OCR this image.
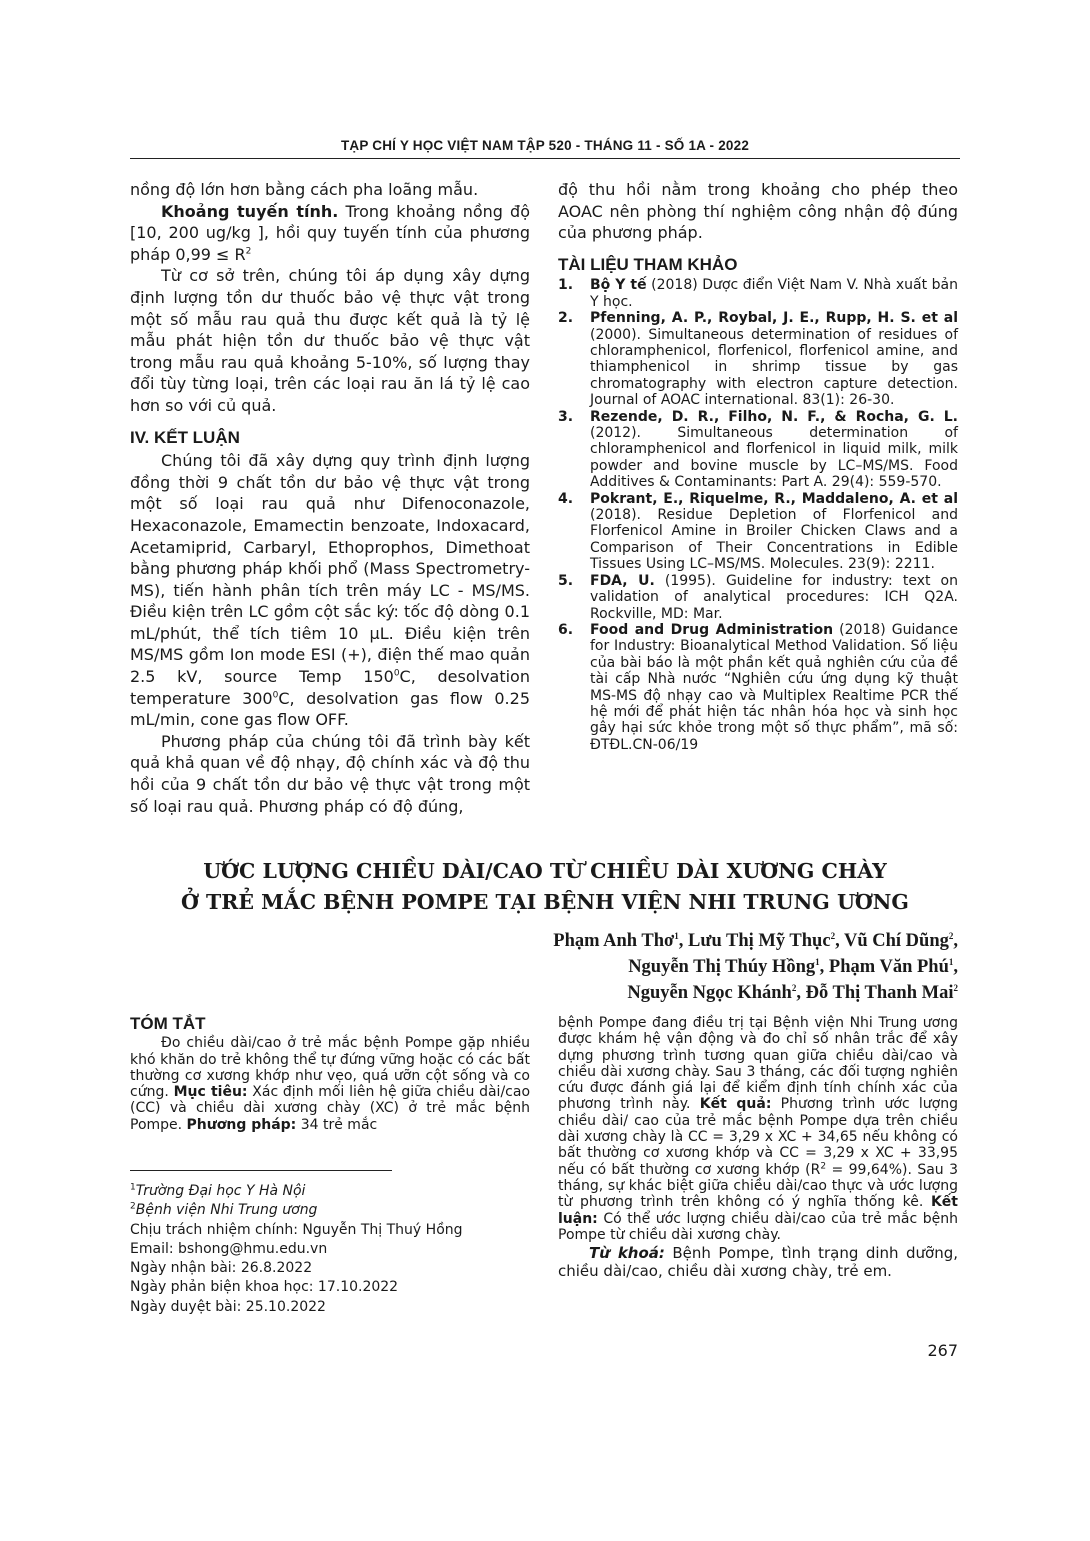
TẠP CHÍ Y HỌC VIỆT NAM TẬP 520 - THÁNG 11 - SỐ 1A - 2022

nồng độ lớn hơn bằng cách pha loãng mẫu.

Khoảng tuyến tính. Trong khoảng nồng độ [10, 200 ug/kg ], hồi quy tuyến tính của phương pháp $0,99 \le R^2$

Từ cơ sở trên, chúng tôi áp dụng xây dựng định lượng tồn dư thuốc bảo vệ thực vật trong một số mẫu rau quả thu được kết quả là tỷ lệ mẫu phát hiện tồn dư thuốc bảo vệ thực vật trong mẫu rau quả khoảng 5-10%, số lượng thay đổi tùy từng loại, trên các loại rau ăn lá tỷ lệ cao hơn so với củ quả.

IV. KẾT LUẬN

Chúng tôi đã xây dựng quy trình định lượng đồng thời 9 chất tồn dư bảo vệ thực vật trong một số loại rau quả như Difenoconazole, Hexaconazole, Emamectin benzoate, Indoxacard, Acetamiprid, Carbaryl, Ethoprophos, Dimethoat bằng phương pháp khối phổ (Mass Spectrometry-MS), tiến hành phân tích trên máy LC - MS/MS. Điều kiện trên LC gồm cột sắc ký: tốc độ dòng 0.1 mL/phút, thể tích tiêm 10 µL. Điều kiện trên MS/MS gồm Ion mode ESI (+), điện thế mao quản 2.5 kV, source Temp $150^0C$, desolvation temperature $300^0C$, desolvation gas flow 0.25 mL/min, cone gas flow OFF.

Phương pháp của chúng tôi đã trình bày kết quả khả quan về độ nhạy, độ chính xác và độ thu hồi của 9 chất tồn dư bảo vệ thực vật trong một số loại rau quả. Phương pháp có độ đúng,

độ thu hồi nằm trong khoảng cho phép theo AOAC nên phòng thí nghiệm công nhận độ đúng của phương pháp.

TÀI LIỆU THAM KHẢO
1. Bộ Y tế (2018) Dược điển Việt Nam V. Nhà xuất bản Y học.
2. Pfenning, A. P., Roybal, J. E., Rupp, H. S. et al (2000). Simultaneous determination of residues of chloramphenicol, florfenicol, florfenicol amine, and thiamphenicol in shrimp tissue by gas chromatography with electron capture detection. Journal of AOAC international. 83(1): 26-30.
3. Rezende, D. R., Filho, N. F., & Rocha, G. L. (2012). Simultaneous determination of chloramphenicol and florfenicol in liquid milk, milk powder and bovine muscle by LC–MS/MS. Food Additives & Contaminants: Part A. 29(4): 559-570.
4. Pokrant, E., Riquelme, R., Maddaleno, A. et al (2018). Residue Depletion of Florfenicol and Florfenicol Amine in Broiler Chicken Claws and a Comparison of Their Concentrations in Edible Tissues Using LC–MS/MS. Molecules. 23(9): 2211.
5. FDA, U. (1995). Guideline for industry: text on validation of analytical procedures: ICH Q2A. Rockville, MD: Mar.
6. Food and Drug Administration (2018) Guidance for Industry: Bioanalytical Method Validation. Số liệu của bài báo là một phần kết quả nghiên cứu của đề tài cấp Nhà nước “Nghiên cứu ứng dụng kỹ thuật MS-MS độ nhạy cao và Multiplex Realtime PCR thế hệ mới để phát hiện tác nhân hóa học và sinh học gây hại sức khỏe trong một số thực phẩm”, mã số: ĐTĐL.CN-06/19
ƯỚC LƯỢNG CHIỀU DÀI/CAO TỪ CHIỀU DÀI XƯƠNG CHÀY
Ở TRẺ MẮC BỆNH POMPE TẠI BỆNH VIỆN NHI TRUNG ƯƠNG
Phạm Anh Thơ$^1$, Lưu Thị Mỹ Thục$^2$, Vũ Chí Dũng$^2$,
Nguyễn Thị Thúy Hồng$^1$, Phạm Văn Phú$^1$,
Nguyễn Ngọc Khánh$^2$, Đỗ Thị Thanh Mai$^2$
TÓM TẮT

Đo chiều dài/cao ở trẻ mắc bệnh Pompe gặp nhiều khó khăn do trẻ không thể tự đứng vững hoặc có các bất thường cơ xương khớp như vẹo, quá ưỡn cột sống và co cứng. Mục tiêu: Xác định mối liên hệ giữa chiều dài/cao (CC) và chiều dài xương chày (XC) ở trẻ mắc bệnh Pompe. Phương pháp: 34 trẻ mắc

bệnh Pompe đang điều trị tại Bệnh viện Nhi Trung ương được khám hệ vận động và đo chỉ số nhân trắc để xây dựng phương trình tương quan giữa chiều dài/cao và chiều dài xương chày. Sau 3 tháng, các đối tượng nghiên cứu được đánh giá lại để kiểm định tính chính xác của phương trình này. Kết quả: Phương trình ước lượng chiều dài/ cao của trẻ mắc bệnh Pompe dựa trên chiều dài xương chày là CC = 3,29 x XC + 34,65 nếu không có bất thường cơ xương khớp và CC = 3,29 x XC + 33,95 nếu có bất thường cơ xương khớp $(R^2 = 99,64\%)$. Sau 3 tháng, sự khác biệt giữa chiều dài/cao thực và ước lượng từ phương trình trên không có ý nghĩa thống kê. Kết luận: Có thể ước lượng chiều dài/cao của trẻ mắc bệnh Pompe từ chiều dài xương chày.

Từ khoá: Bệnh Pompe, tình trạng dinh dưỡng, chiều dài/cao, chiều dài xương chày, trẻ em.

$^1$Trường Đại học Y Hà Nội
$^2$Bệnh viện Nhi Trung ương
Chịu trách nhiệm chính: Nguyễn Thị Thuý Hồng
Email: bshong@hmu.edu.vn
Ngày nhận bài: 26.8.2022
Ngày phản biện khoa học: 17.10.2022
Ngày duyệt bài: 25.10.2022
267
